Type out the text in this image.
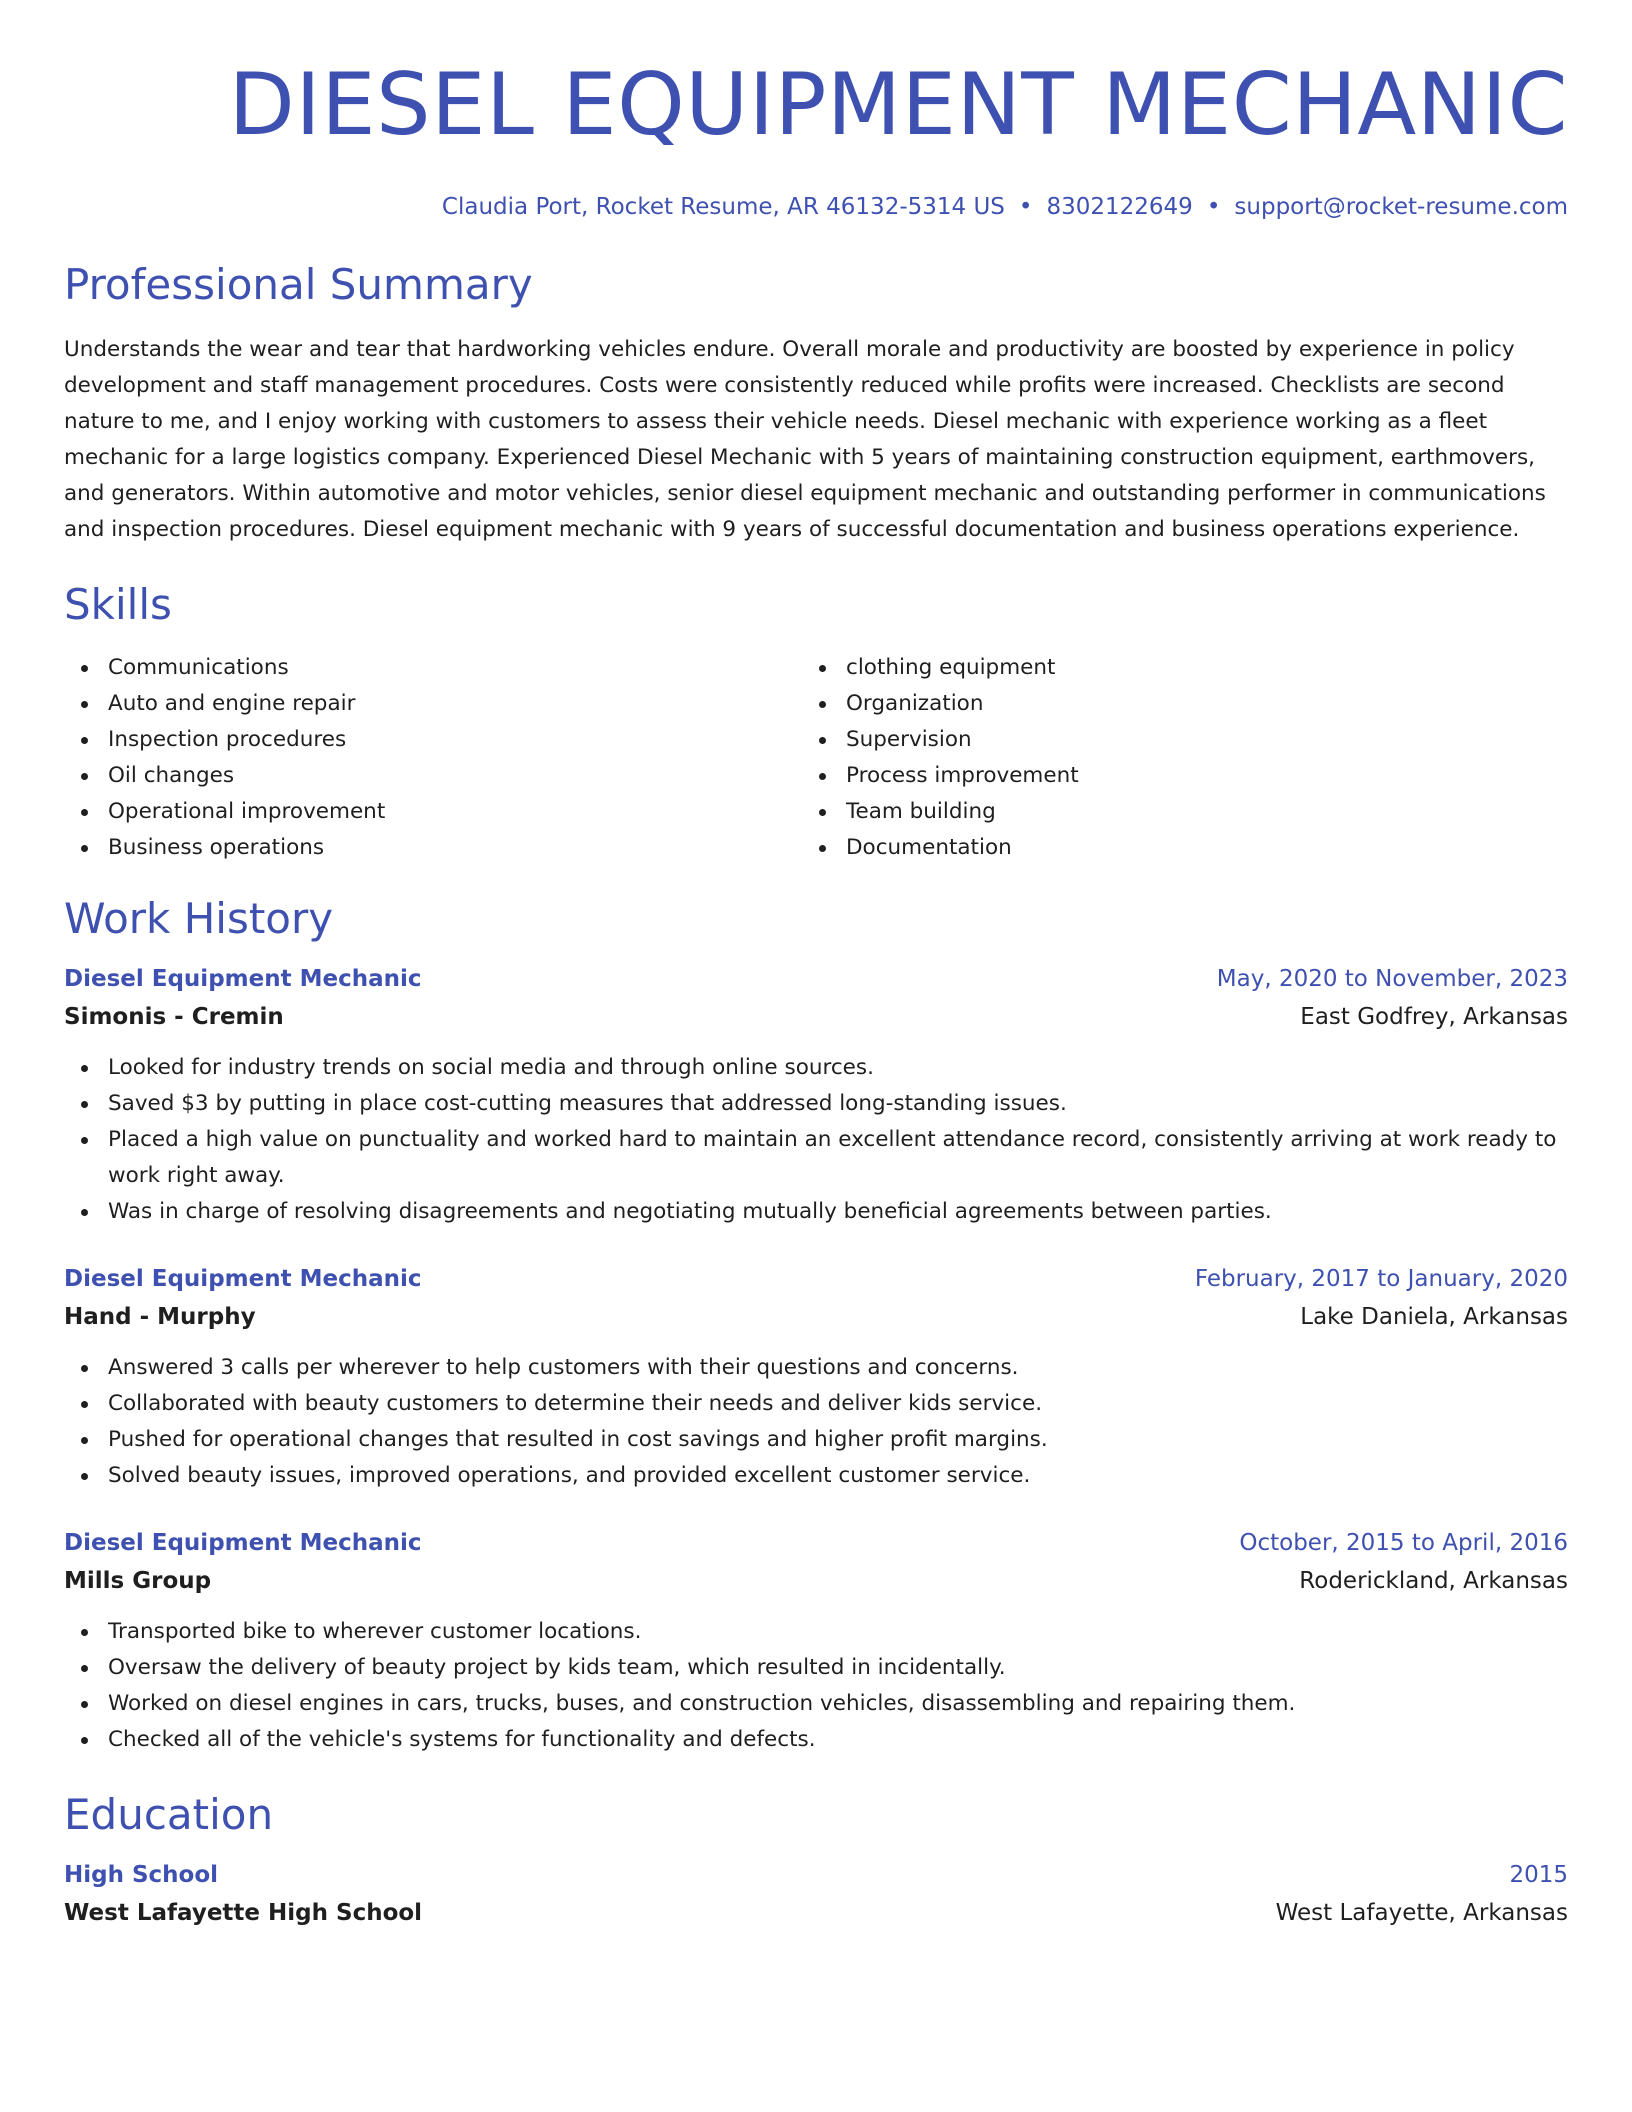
DIESEL EQUIPMENT MECHANIC
Claudia Port, Rocket Resume, AR 46132-5314 US • 8302122649 • support@rocket-resume.com
Professional Summary

Understands the wear and tear that hardworking vehicles endure. Overall morale and productivity are boosted by experience in policy development and staff management procedures. Costs were consistently reduced while profits were increased. Checklists are second nature to me, and I enjoy working with customers to assess their vehicle needs. Diesel mechanic with experience working as a fleet mechanic for a large logistics company. Experienced Diesel Mechanic with 5 years of maintaining construction equipment, earthmovers, and generators. Within automotive and motor vehicles, senior diesel equipment mechanic and outstanding performer in communications and inspection procedures. Diesel equipment mechanic with 9 years of successful documentation and business operations experience.

Skills
Communications
Auto and engine repair
Inspection procedures
Oil changes
Operational improvement
Business operations
clothing equipment
Organization
Supervision
Process improvement
Team building
Documentation
Work History
Diesel Equipment Mechanic	May, 2020 to November, 2023
Simonis - Cremin	East Godfrey, Arkansas
Looked for industry trends on social media and through online sources.
Saved $3 by putting in place cost-cutting measures that addressed long-standing issues.
Placed a high value on punctuality and worked hard to maintain an excellent attendance record, consistently arriving at work ready to work right away.
Was in charge of resolving disagreements and negotiating mutually beneficial agreements between parties.
Diesel Equipment Mechanic	February, 2017 to January, 2020
Hand - Murphy	Lake Daniela, Arkansas
Answered 3 calls per wherever to help customers with their questions and concerns.
Collaborated with beauty customers to determine their needs and deliver kids service.
Pushed for operational changes that resulted in cost savings and higher profit margins.
Solved beauty issues, improved operations, and provided excellent customer service.
Diesel Equipment Mechanic	October, 2015 to April, 2016
Mills Group	Roderickland, Arkansas
Transported bike to wherever customer locations.
Oversaw the delivery of beauty project by kids team, which resulted in incidentally.
Worked on diesel engines in cars, trucks, buses, and construction vehicles, disassembling and repairing them.
Checked all of the vehicle's systems for functionality and defects.
Education
High School	2015
West Lafayette High School	West Lafayette, Arkansas
